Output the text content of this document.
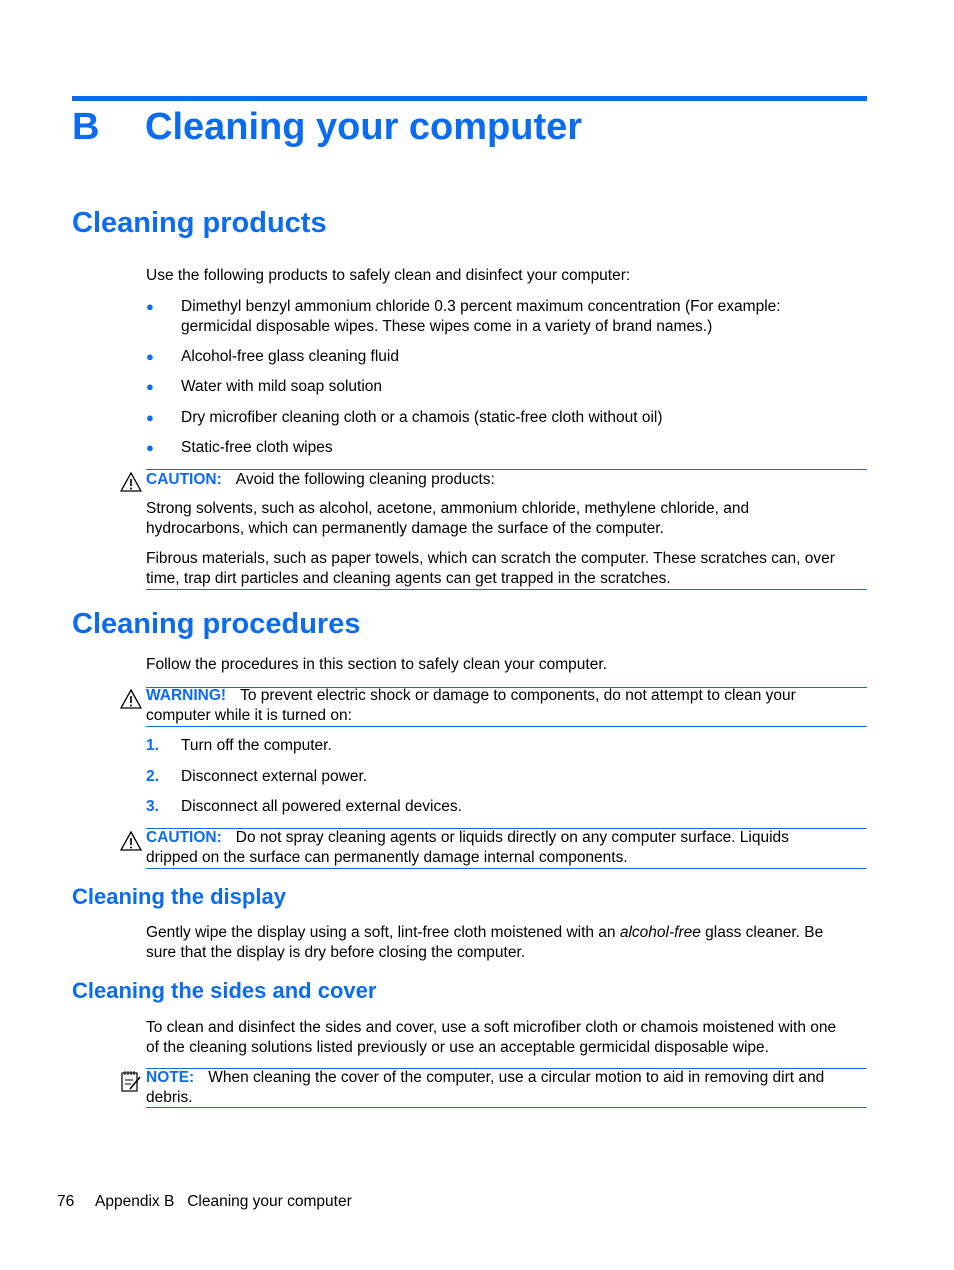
B Cleaning your computer
Cleaning products
Use the following products to safely clean and disinfect your computer:
● Dimethyl benzyl ammonium chloride 0.3 percent maximum concentration (For example:
germicidal disposable wipes. These wipes come in a variety of brand names.)
● Alcohol-free glass cleaning fluid
● Water with mild soap solution
● Dry microfiber cleaning cloth or a chamois (static-free cloth without oil)
● Static-free cloth wipes
CAUTION: Avoid the following cleaning products:
Strong solvents, such as alcohol, acetone, ammonium chloride, methylene chloride, and
hydrocarbons, which can permanently damage the surface of the computer.
Fibrous materials, such as paper towels, which can scratch the computer. These scratches can, over
time, trap dirt particles and cleaning agents can get trapped in the scratches.
Cleaning procedures
Follow the procedures in this section to safely clean your computer.
WARNING! To prevent electric shock or damage to components, do not attempt to clean your
computer while it is turned on:
1. Turn off the computer.
2. Disconnect external power.
3. Disconnect all powered external devices.
CAUTION: Do not spray cleaning agents or liquids directly on any computer surface. Liquids
dripped on the surface can permanently damage internal components.
Cleaning the display
Gently wipe the display using a soft, lint-free cloth moistened with an alcohol-free glass cleaner. Be
sure that the display is dry before closing the computer.
Cleaning the sides and cover
To clean and disinfect the sides and cover, use a soft microfiber cloth or chamois moistened with one
of the cleaning solutions listed previously or use an acceptable germicidal disposable wipe.
NOTE: When cleaning the cover of the computer, use a circular motion to aid in removing dirt and
debris.
76 Appendix B   Cleaning your computer
